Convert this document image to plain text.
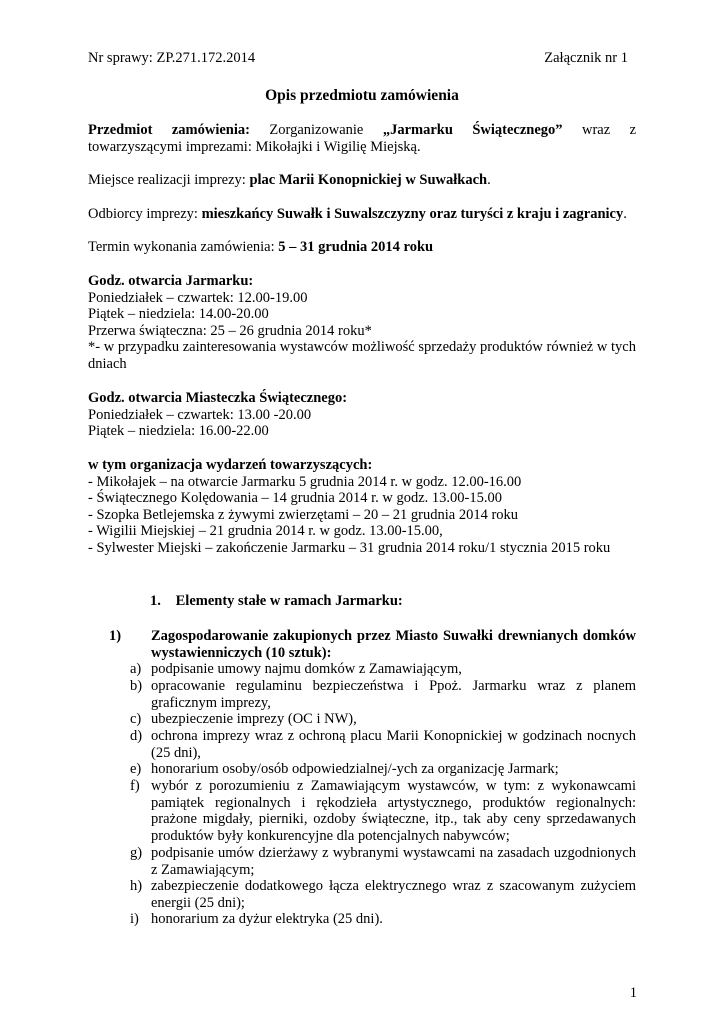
Nr sprawy: ZP.271.172.2014	Załącznik nr 1
Opis przedmiotu zamówienia
Przedmiot zamówienia: Zorganizowanie „Jarmarku Świątecznego” wraz z towarzyszącymi imprezami: Mikołajki i Wigilię Miejską.
Miejsce realizacji imprezy: plac Marii Konopnickiej w Suwałkach.
Odbiorcy imprezy: mieszkańcy Suwałk i Suwalszczyzny oraz turyści z kraju i zagranicy.
Termin wykonania zamówienia: 5 – 31 grudnia 2014 roku
Godz. otwarcia Jarmarku:
Poniedziałek – czwartek: 12.00-19.00
Piątek – niedziela: 14.00-20.00
Przerwa świąteczna: 25 – 26 grudnia 2014 roku*
*- w przypadku zainteresowania wystawców możliwość sprzedaży produktów również w tych dniach
Godz. otwarcia Miasteczka Świątecznego:
Poniedziałek – czwartek: 13.00 -20.00
Piątek – niedziela: 16.00-22.00
w tym organizacja wydarzeń towarzyszących:
- Mikołajek – na otwarcie Jarmarku 5 grudnia 2014 r. w godz. 12.00-16.00
- Świątecznego Kolędowania – 14 grudnia 2014 r. w godz. 13.00-15.00
- Szopka Betlejemska z żywymi zwierzętami – 20 – 21 grudnia 2014 roku
- Wigilii Miejskiej – 21 grudnia 2014 r. w godz. 13.00-15.00,
- Sylwester Miejski – zakończenie Jarmarku – 31 grudnia 2014 roku/1 stycznia 2015 roku
1. Elementy stałe w ramach Jarmarku:
1) Zagospodarowanie zakupionych przez Miasto Suwałki drewnianych domków wystawienniczych (10 sztuk):
a) podpisanie umowy najmu domków z Zamawiającym,
b) opracowanie regulaminu bezpieczeństwa i Ppoż. Jarmarku wraz z planem graficznym imprezy,
c) ubezpieczenie imprezy (OC i NW),
d) ochrona imprezy wraz z ochroną placu Marii Konopnickiej w godzinach nocnych (25 dni),
e) honorarium osoby/osób odpowiedzialnej/-ych za organizację Jarmark;
f) wybór z porozumieniu z Zamawiającym wystawców, w tym: z wykonawcami pamiątek regionalnych i rękodzieła artystycznego, produktów regionalnych: prażone migdały, pierniki, ozdoby świąteczne, itp., tak aby ceny sprzedawanych produktów były konkurencyjne dla potencjalnych nabywców;
g) podpisanie umów dzierżawy z wybranymi wystawcami na zasadach uzgodnionych z Zamawiającym;
h) zabezpieczenie dodatkowego łącza elektrycznego wraz z szacowanym zużyciem energii (25 dni);
i) honorarium za dyżur elektryka (25 dni).
1
